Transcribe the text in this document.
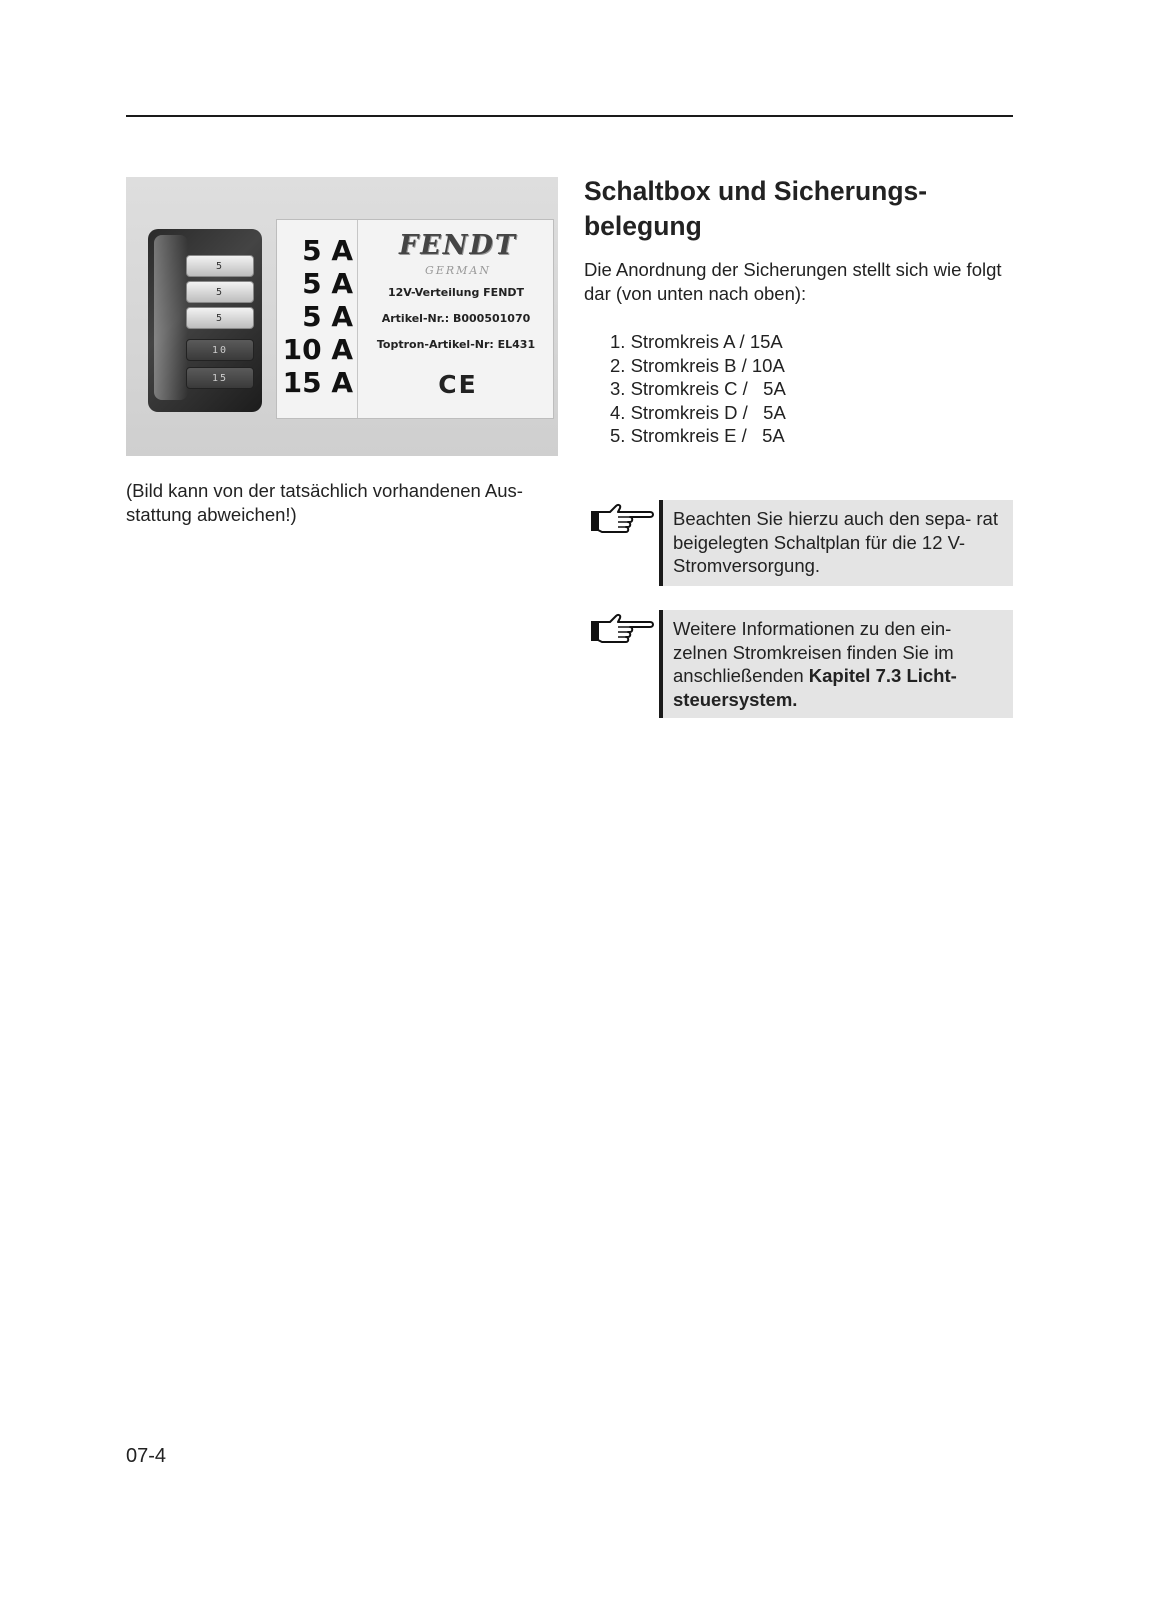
5
5
5
10
15
5 A
5 A
5 A
10 A
15 A
FENDT
GERMAN
12V-Verteilung FENDT
Artikel-Nr.: B000501070
Toptron-Artikel-Nr: EL431
CE
(Bild kann von der tatsächlich vorhandenen Aus- stattung abweichen!)
Schaltbox und Sicherungs-
belegung

Die Anordnung der Sicherungen stellt sich wie folgt dar (von unten nach oben):

1. Stromkreis A / 15A
2. Stromkreis B / 10A
3. Stromkreis C /   5A
4. Stromkreis D /   5A
5. Stromkreis E /   5A
Beachten Sie hierzu auch den sepa- rat beigelegten Schaltplan für die 12 V-Stromversorgung.
Weitere Informationen zu den ein- zelnen Stromkreisen finden Sie im anschließenden Kapitel 7.3 Licht- steuersystem.
07-4
